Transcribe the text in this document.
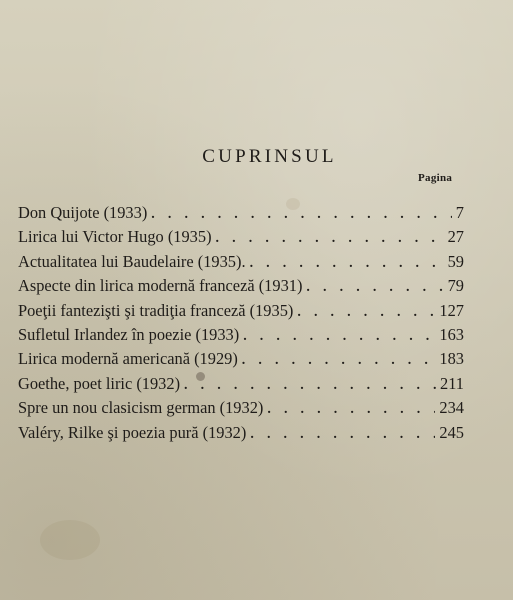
CUPRINSUL
Pagina
Don Quijote (1933) . . .	7
Lirica lui Victor Hugo (1935) . . .	27
Actualitatea lui Baudelaire (1935). . . .	59
Aspecte din lirica modernă franceză (1931) . . .	79
Poeţii fantezişti şi tradiţia franceză (1935) . . .	127
Sufletul Irlandez în poezie (1933) . . .	163
Lirica modernă americană (1929) . . .	183
Goethe, poet liric (1932) . . .	211
Spre un nou clasicism german (1932) . . .	234
Valéry, Rilke şi poezia pură (1932) . . .	245
